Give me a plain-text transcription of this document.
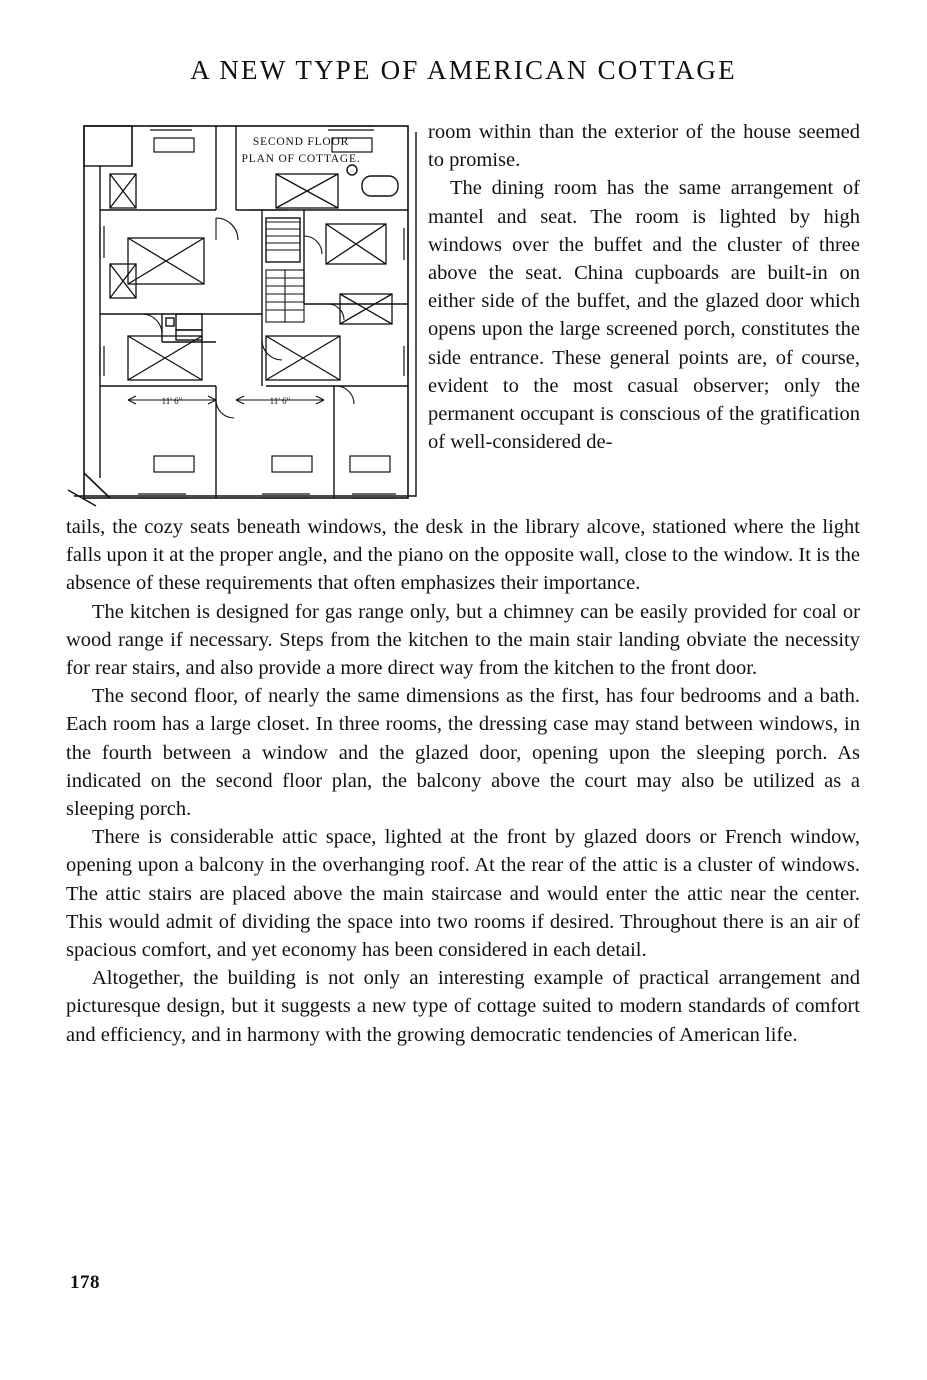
A NEW TYPE OF AMERICAN COTTAGE
11' 6"	11' 6"
SECOND FLOOR
PLAN OF COTTAGE.

room within than the exterior of the house seemed to promise.

The dining room has the same arrangement of mantel and seat. The room is lighted by high windows over the buffet and the cluster of three above the seat. China cupboards are built-in on either side of the buffet, and the glazed door which opens upon the large screened porch, constitutes the side entrance. These general points are, of course, evident to the most casual observer; only the permanent occupant is conscious of the gratification of well-considered de-

tails, the cozy seats beneath windows, the desk in the library alcove, stationed where the light falls upon it at the proper angle, and the piano on the opposite wall, close to the window. It is the absence of these requirements that often emphasizes their importance.

The kitchen is designed for gas range only, but a chimney can be easily provided for coal or wood range if necessary. Steps from the kitchen to the main stair landing obviate the necessity for rear stairs, and also provide a more direct way from the kitchen to the front door.

The second floor, of nearly the same dimensions as the first, has four bedrooms and a bath. Each room has a large closet. In three rooms, the dressing case may stand between windows, in the fourth between a window and the glazed door, opening upon the sleeping porch. As indicated on the second floor plan, the balcony above the court may also be utilized as a sleeping porch.

There is considerable attic space, lighted at the front by glazed doors or French window, opening upon a balcony in the overhanging roof. At the rear of the attic is a cluster of windows. The attic stairs are placed above the main staircase and would enter the attic near the center. This would admit of dividing the space into two rooms if desired. Throughout there is an air of spacious comfort, and yet economy has been considered in each detail.

Altogether, the building is not only an interesting example of practical arrangement and picturesque design, but it suggests a new type of cottage suited to modern standards of comfort and efficiency, and in harmony with the growing democratic tendencies of American life.

178
